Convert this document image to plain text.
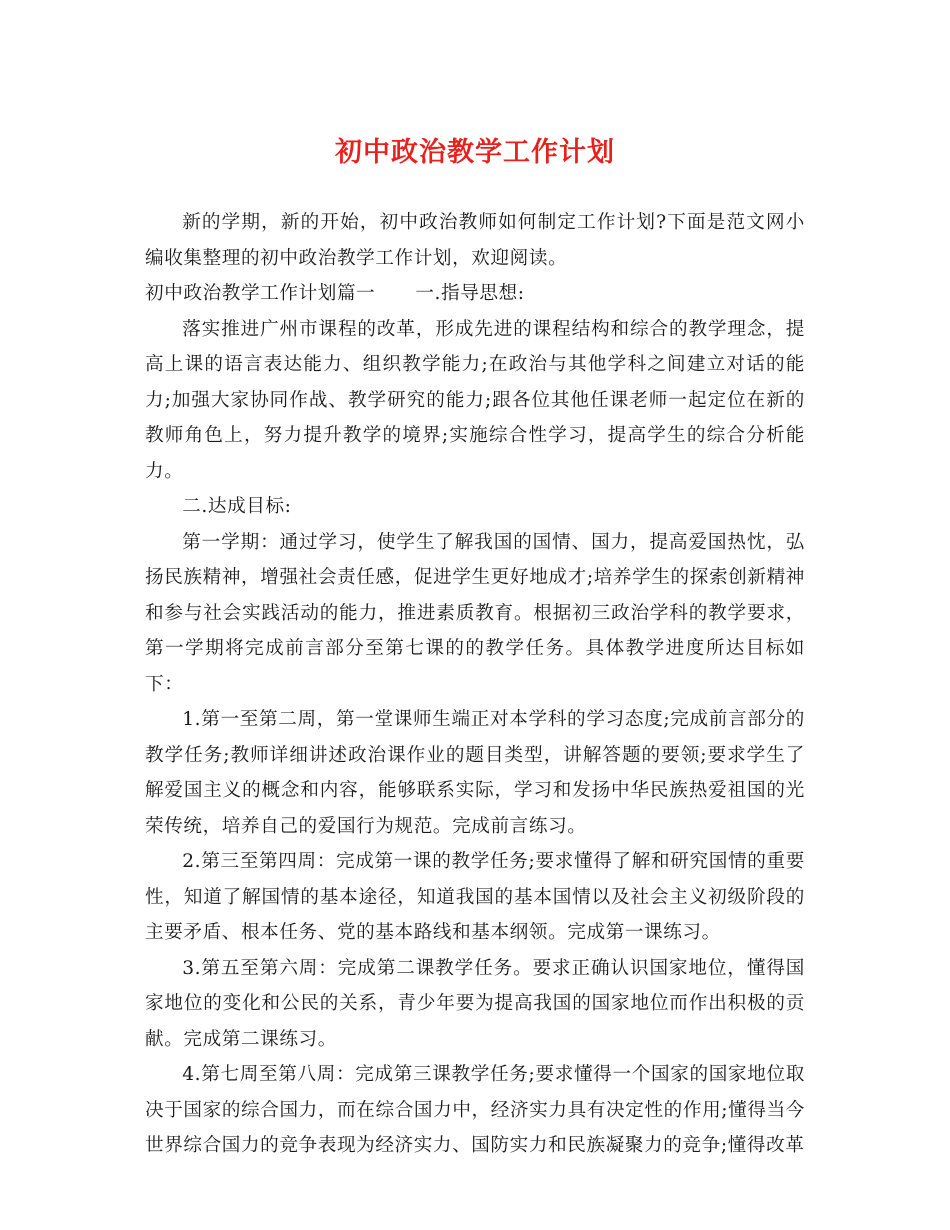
初中政治教学工作计划

新的学期，新的开始，初中政治教师如何制定工作计划?下面是范文网小编收集整理的初中政治教学工作计划，欢迎阅读。

初中政治教学工作计划篇一 一.指导思想:

落实推进广州市课程的改革，形成先进的课程结构和综合的教学理念，提高上课的语言表达能力、组织教学能力;在政治与其他学科之间建立对话的能力;加强大家协同作战、教学研究的能力;跟各位其他任课老师一起定位在新的教师角色上，努力提升教学的境界;实施综合性学习，提高学生的综合分析能力。

二.达成目标:

第一学期：通过学习，使学生了解我国的国情、国力，提高爱国热忱，弘扬民族精神，增强社会责任感，促进学生更好地成才;培养学生的探索创新精神和参与社会实践活动的能力，推进素质教育。根据初三政治学科的教学要求，第一学期将完成前言部分至第七课的的教学任务。具体教学进度所达目标如下：

1.第一至第二周，第一堂课师生端正对本学科的学习态度;完成前言部分的教学任务;教师详细讲述政治课作业的题目类型，讲解答题的要领;要求学生了解爱国主义的概念和内容，能够联系实际，学习和发扬中华民族热爱祖国的光荣传统，培养自己的爱国行为规范。完成前言练习。

2.第三至第四周：完成第一课的教学任务;要求懂得了解和研究国情的重要性，知道了解国情的基本途径，知道我国的基本国情以及社会主义初级阶段的主要矛盾、根本任务、党的基本路线和基本纲领。完成第一课练习。

3.第五至第六周：完成第二课教学任务。要求正确认识国家地位，懂得国家地位的变化和公民的关系，青少年要为提高我国的国家地位而作出积极的贡献。完成第二课练习。

4.第七周至第八周：完成第三课教学任务;要求懂得一个国家的国家地位取决于国家的综合国力，而在综合国力中，经济实力具有决定性的作用;懂得当今世界综合国力的竞争表现为经济实力、国防实力和民族凝聚力的竞争;懂得改革
